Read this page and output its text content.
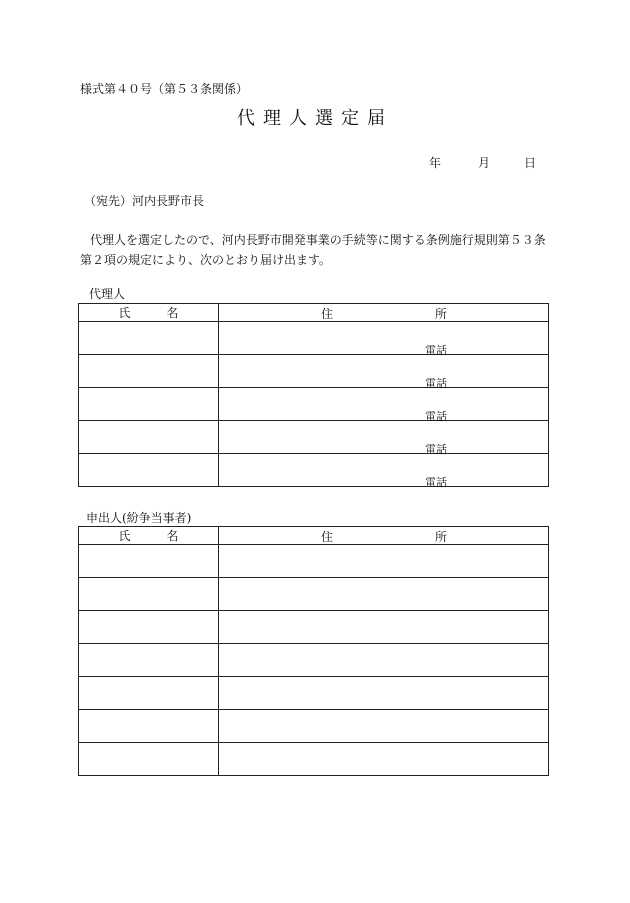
様式第４０号（第５３条関係）
代理人選定届
年	月	日
（宛先）河内長野市長
代理人を選定したので、河内長野市開発事業の手続等に関する条例施行規則第５３条第２項の規定により、次のとおり届け出ます。
代理人
氏 名	住 所

	電話

	電話

	電話

	電話

	電話
申出人(紛争当事者)
氏 名	住 所
